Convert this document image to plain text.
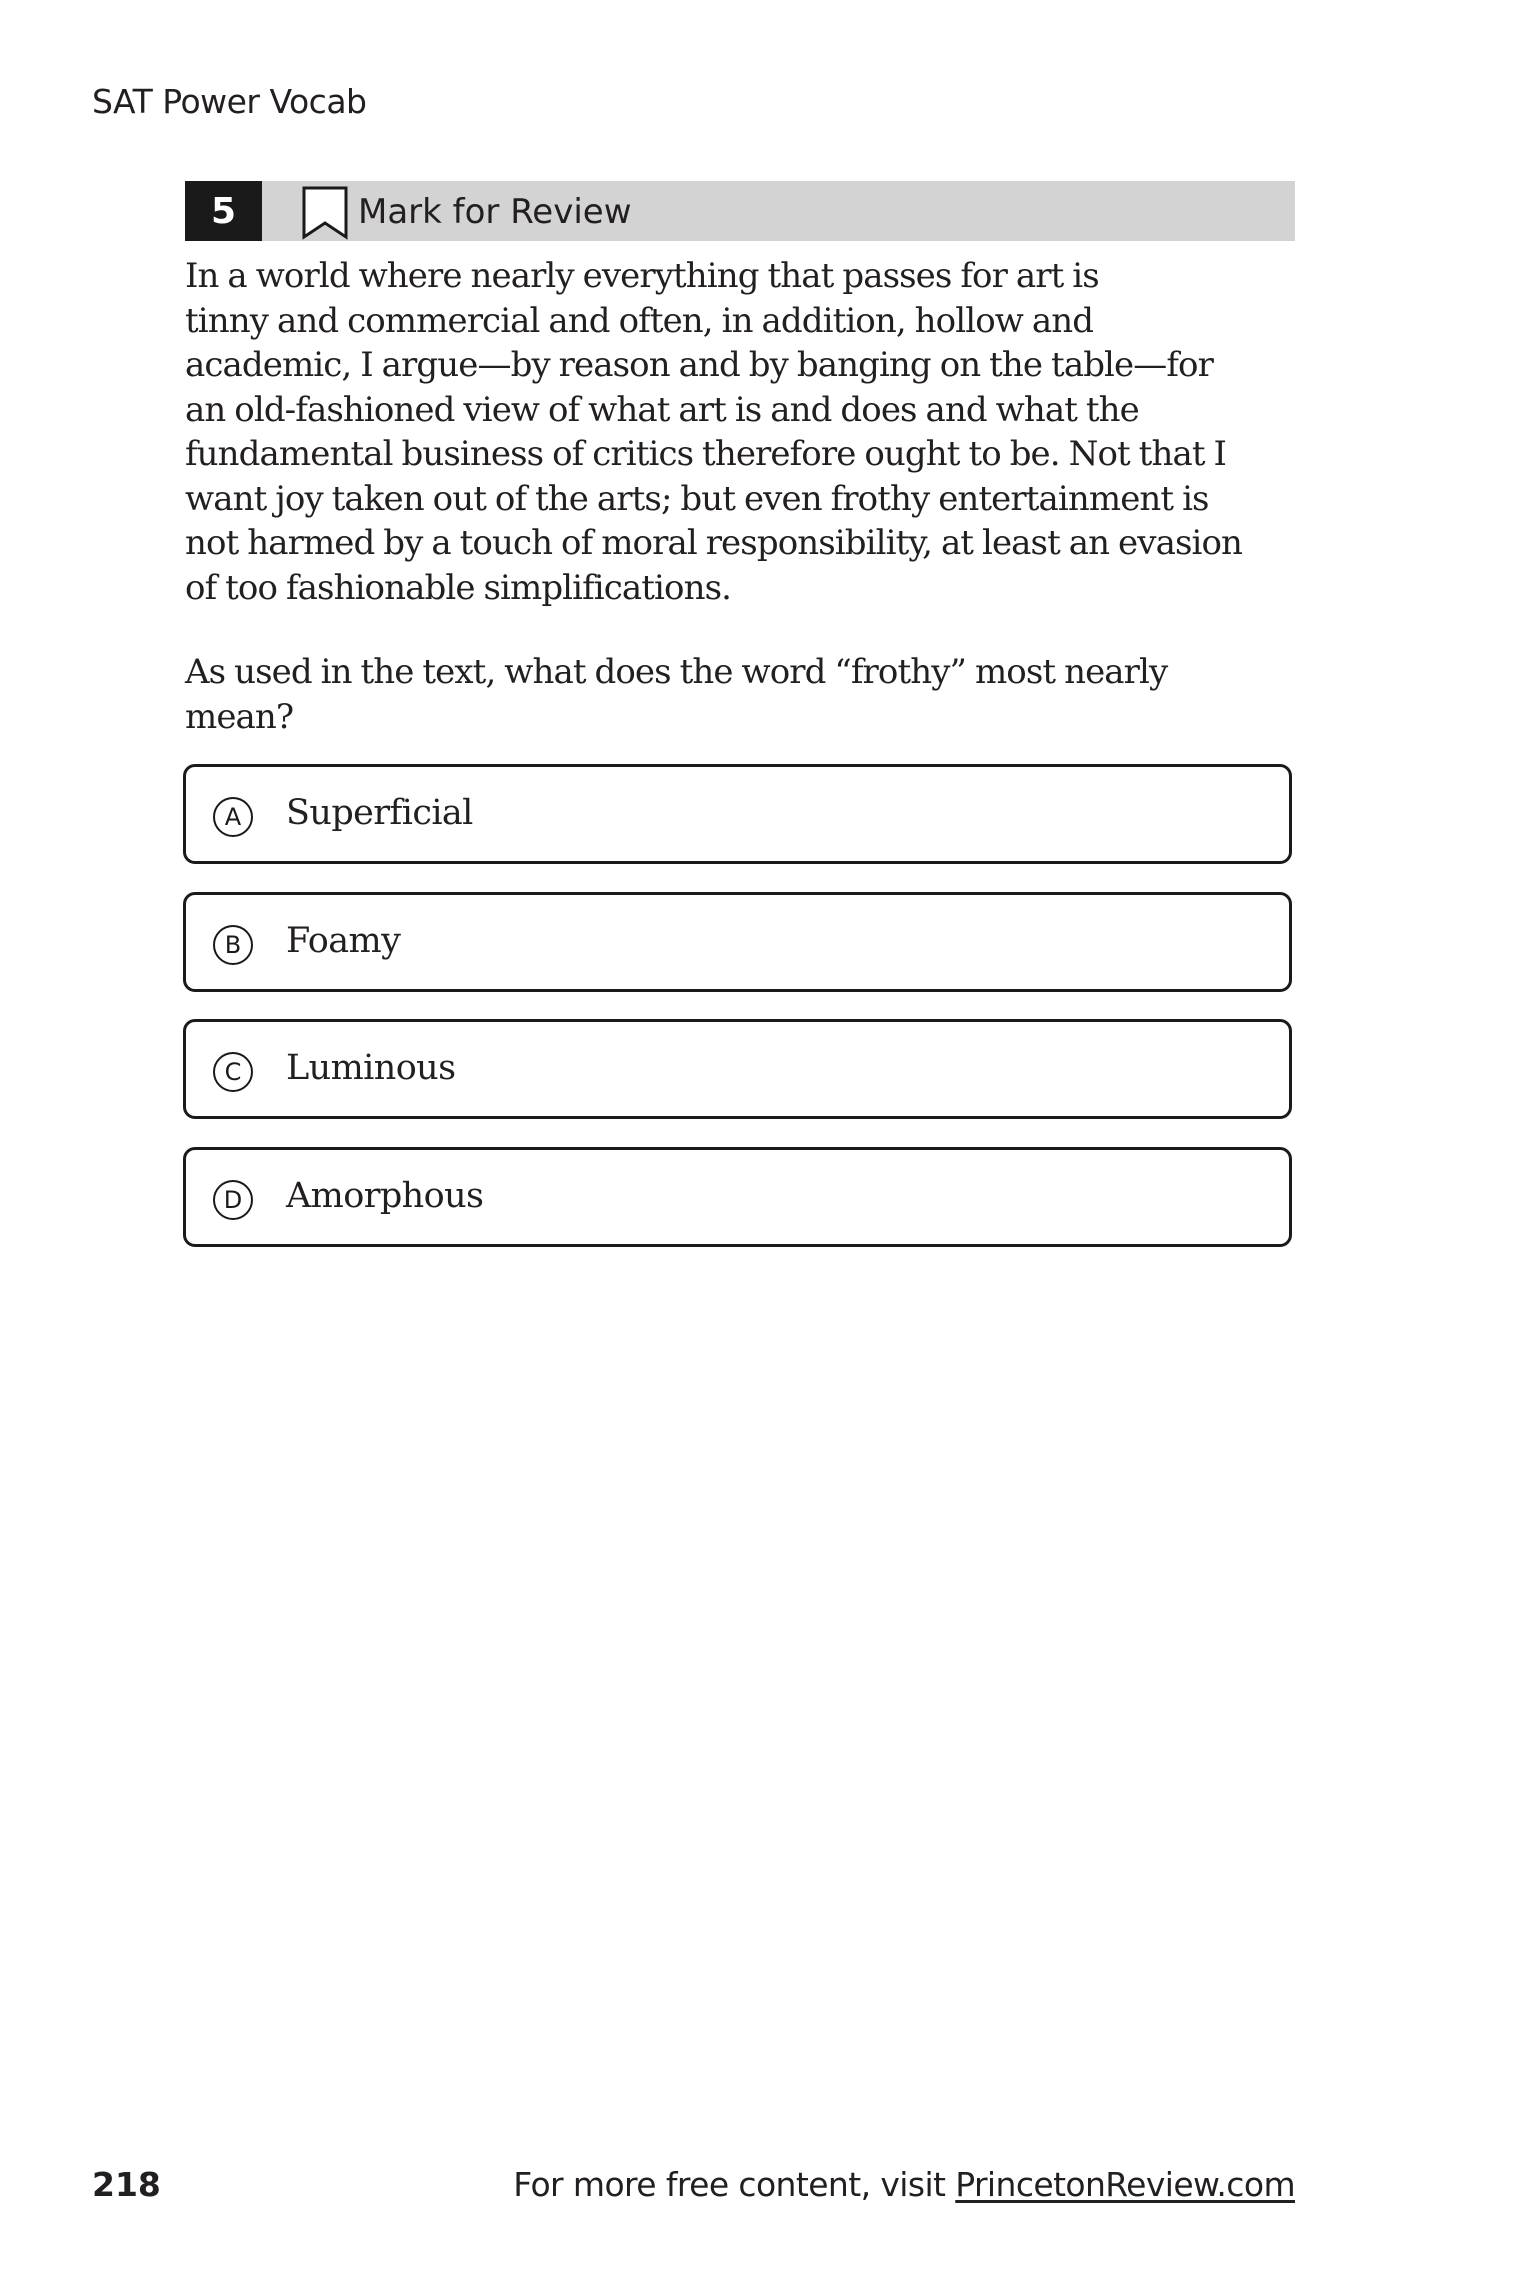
SAT Power Vocab
5	Mark for Review

In a world where nearly everything that passes for art is
tinny and commercial and often, in addition, hollow and
academic, I argue—by reason and by banging on the table—for
an old-fashioned view of what art is and does and what the
fundamental business of critics therefore ought to be. Not that I
want joy taken out of the arts; but even frothy entertainment is
not harmed by a touch of moral responsibility, at least an evasion
of too fashionable simplifications.

As used in the text, what does the word “frothy” most nearly
mean?

A	Superficial
B	Foamy
C	Luminous
D	Amorphous
218	For more free content, visit PrincetonReview.com
